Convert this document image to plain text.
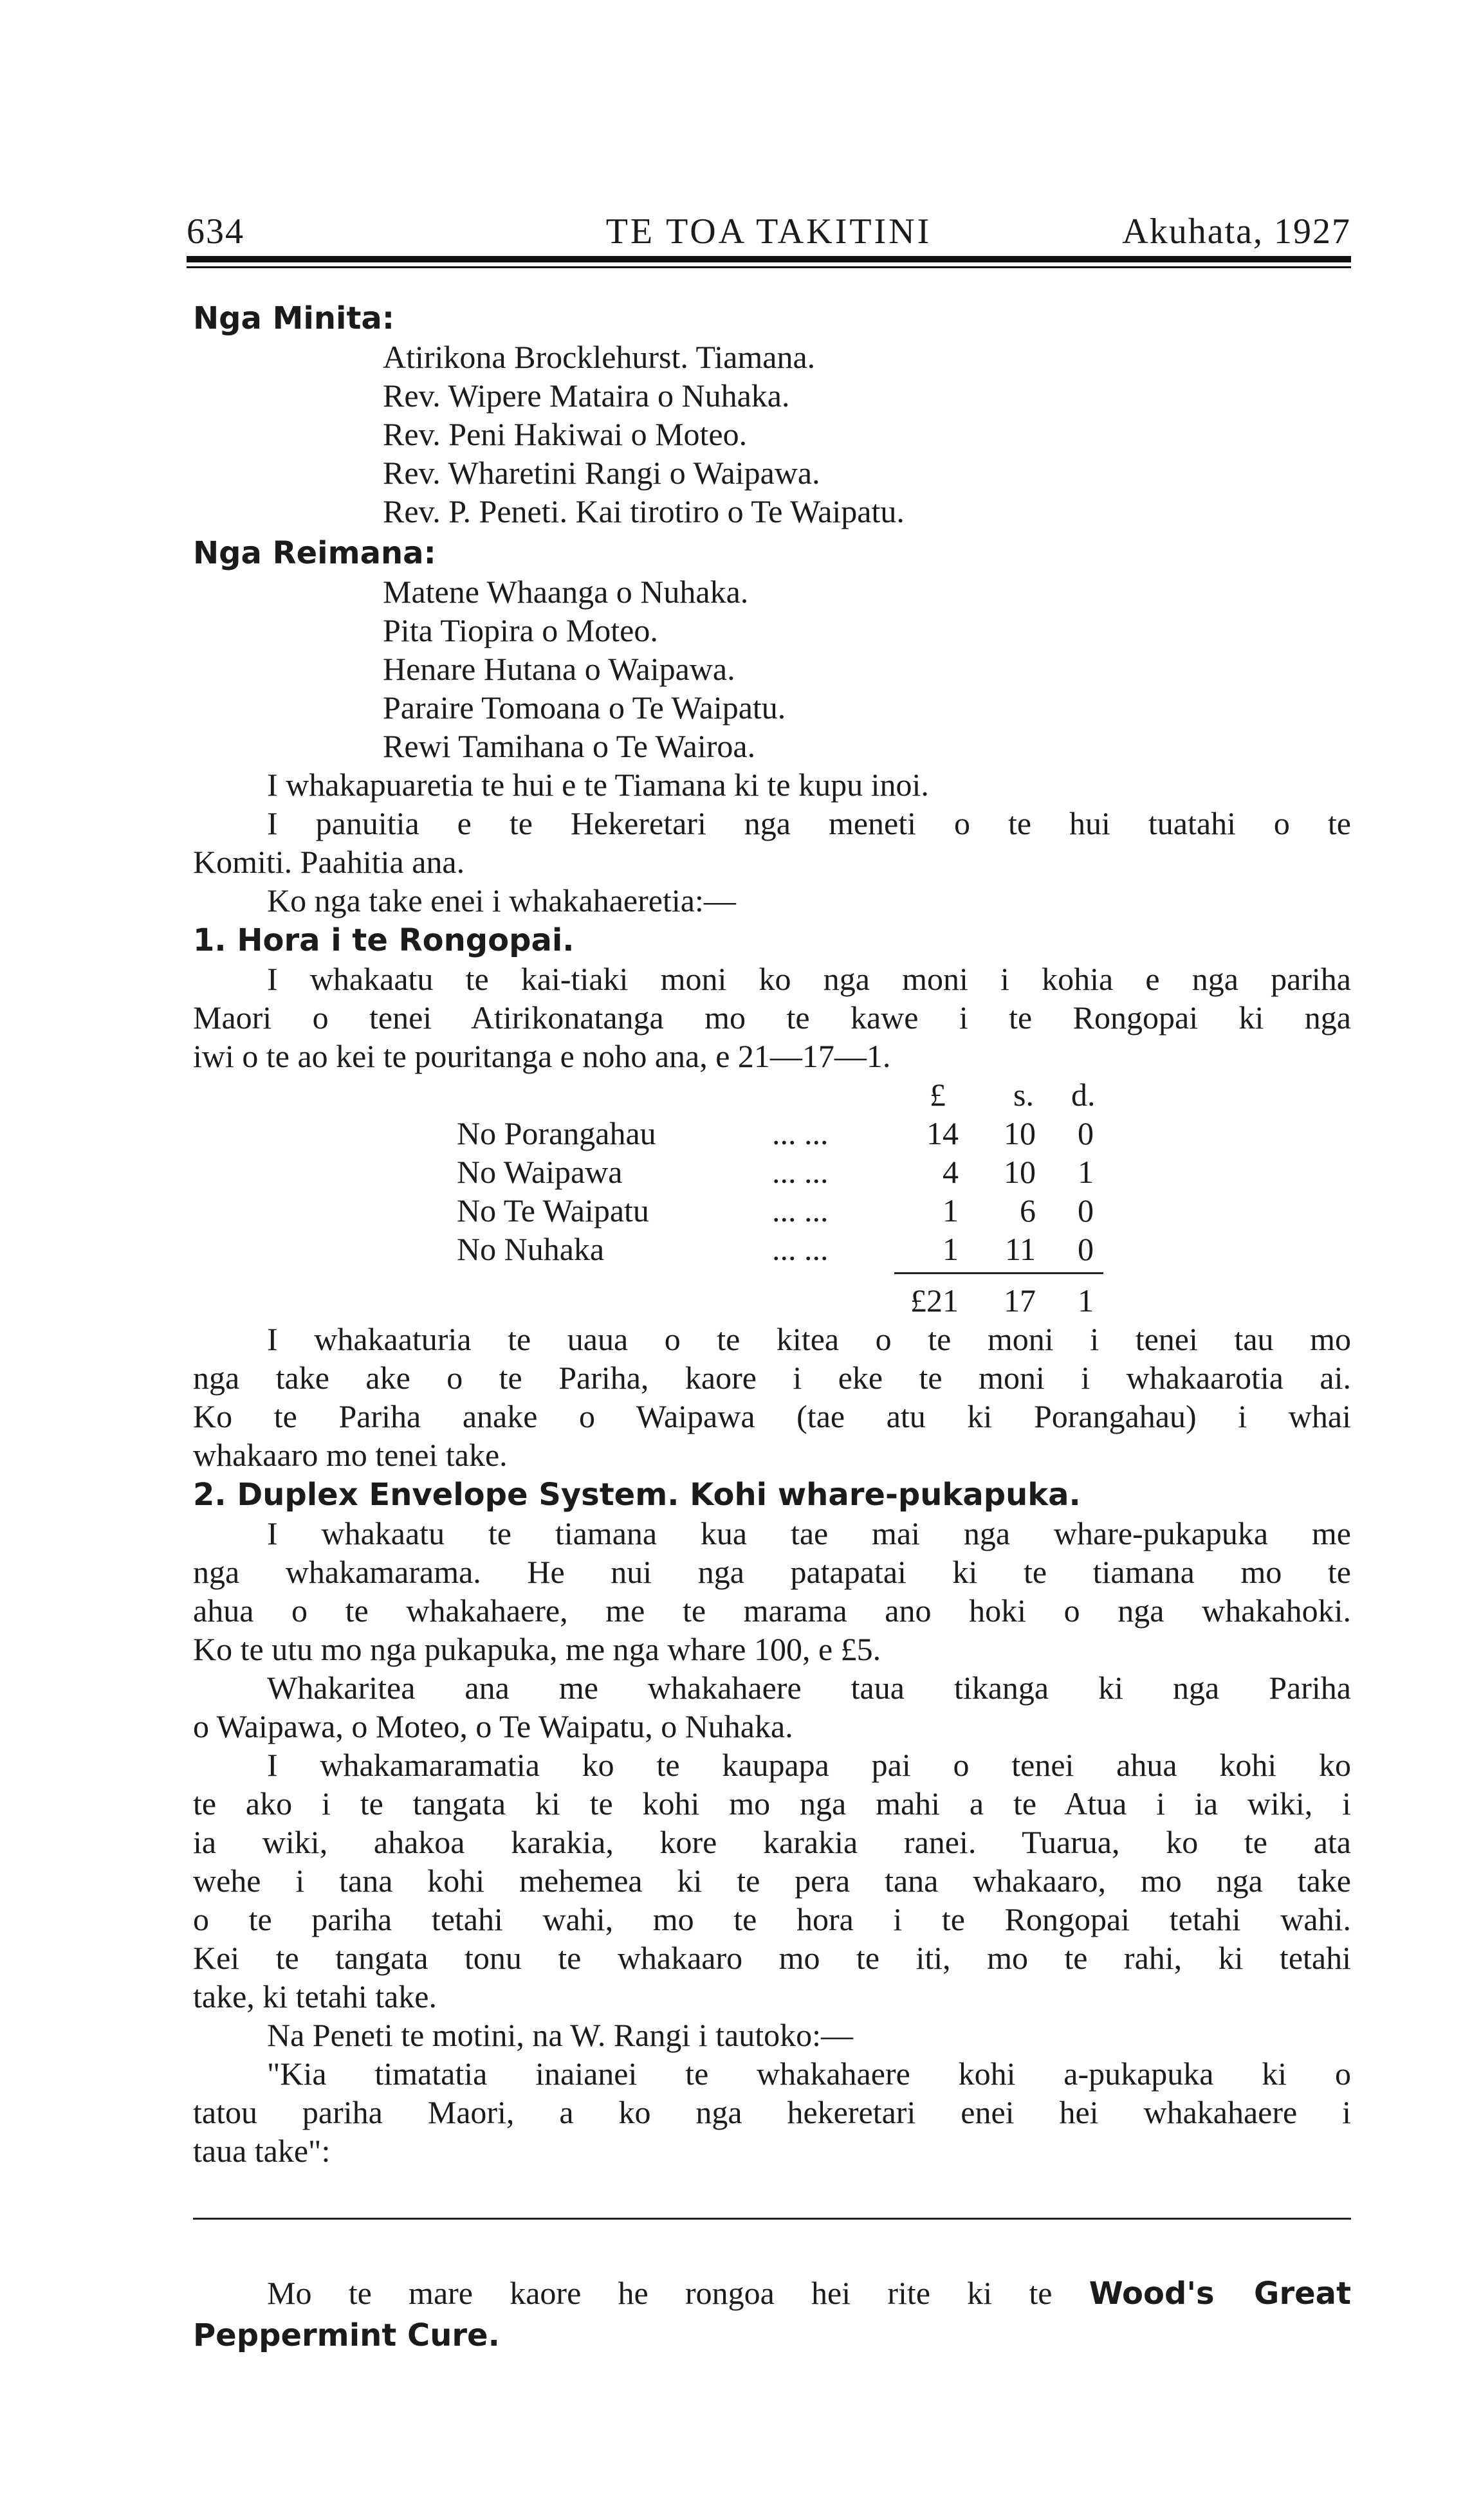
634	TE TOA TAKITINI	Akuhata, 1927
Nga Minita:
Atirikona Brocklehurst. Tiamana.
Rev. Wipere Mataira o Nuhaka.
Rev. Peni Hakiwai o Moteo.
Rev. Wharetini Rangi o Waipawa.
Rev. P. Peneti. Kai tirotiro o Te Waipatu.
Nga Reimana:
Matene Whaanga o Nuhaka.
Pita Tiopira o Moteo.
Henare Hutana o Waipawa.
Paraire Tomoana o Te Waipatu.
Rewi Tamihana o Te Wairoa.
I whakapuaretia te hui e te Tiamana ki te kupu inoi.
I panuitia e te Hekeretari nga meneti o te hui tuatahi o te
Komiti. Paahitia ana.
Ko nga take enei i whakahaeretia:—
1. Hora i te Rongopai.
I whakaatu te kai-tiaki moni ko nga moni i kohia e nga pariha
Maori o tenei Atirikonatanga mo te kawe i te Rongopai ki nga
iwi o te ao kei te pouritanga e noho ana, e 21—17—1.
£ s. d.
No Porangahau	... ...	14	10	0
No Waipawa	... ...	4	10	1
No Te Waipatu	... ...	1	6	0
No Nuhaka	... ...	1	11	0
£21	17	1
I whakaaturia te uaua o te kitea o te moni i tenei tau mo
nga take ake o te Pariha, kaore i eke te moni i whakaarotia ai.
Ko te Pariha anake o Waipawa (tae atu ki Porangahau) i whai
whakaaro mo tenei take.
2. Duplex Envelope System. Kohi whare-pukapuka.
I whakaatu te tiamana kua tae mai nga whare-pukapuka me
nga whakamarama. He nui nga patapatai ki te tiamana mo te
ahua o te whakahaere, me te marama ano hoki o nga whakahoki.
Ko te utu mo nga pukapuka, me nga whare 100, e £5.
Whakaritea ana me whakahaere taua tikanga ki nga Pariha
o Waipawa, o Moteo, o Te Waipatu, o Nuhaka.
I whakamaramatia ko te kaupapa pai o tenei ahua kohi ko
te ako i te tangata ki te kohi mo nga mahi a te Atua i ia wiki, i
ia wiki, ahakoa karakia, kore karakia ranei. Tuarua, ko te ata
wehe i tana kohi mehemea ki te pera tana whakaaro, mo nga take
o te pariha tetahi wahi, mo te hora i te Rongopai tetahi wahi.
Kei te tangata tonu te whakaaro mo te iti, mo te rahi, ki tetahi
take, ki tetahi take.
Na Peneti te motini, na W. Rangi i tautoko:—
"Kia timatatia inaianei te whakahaere kohi a-pukapuka ki o
tatou pariha Maori, a ko nga hekeretari enei hei whakahaere i
taua take":
Mo te mare kaore he rongoa hei rite ki te Wood's Great
Peppermint Cure.
